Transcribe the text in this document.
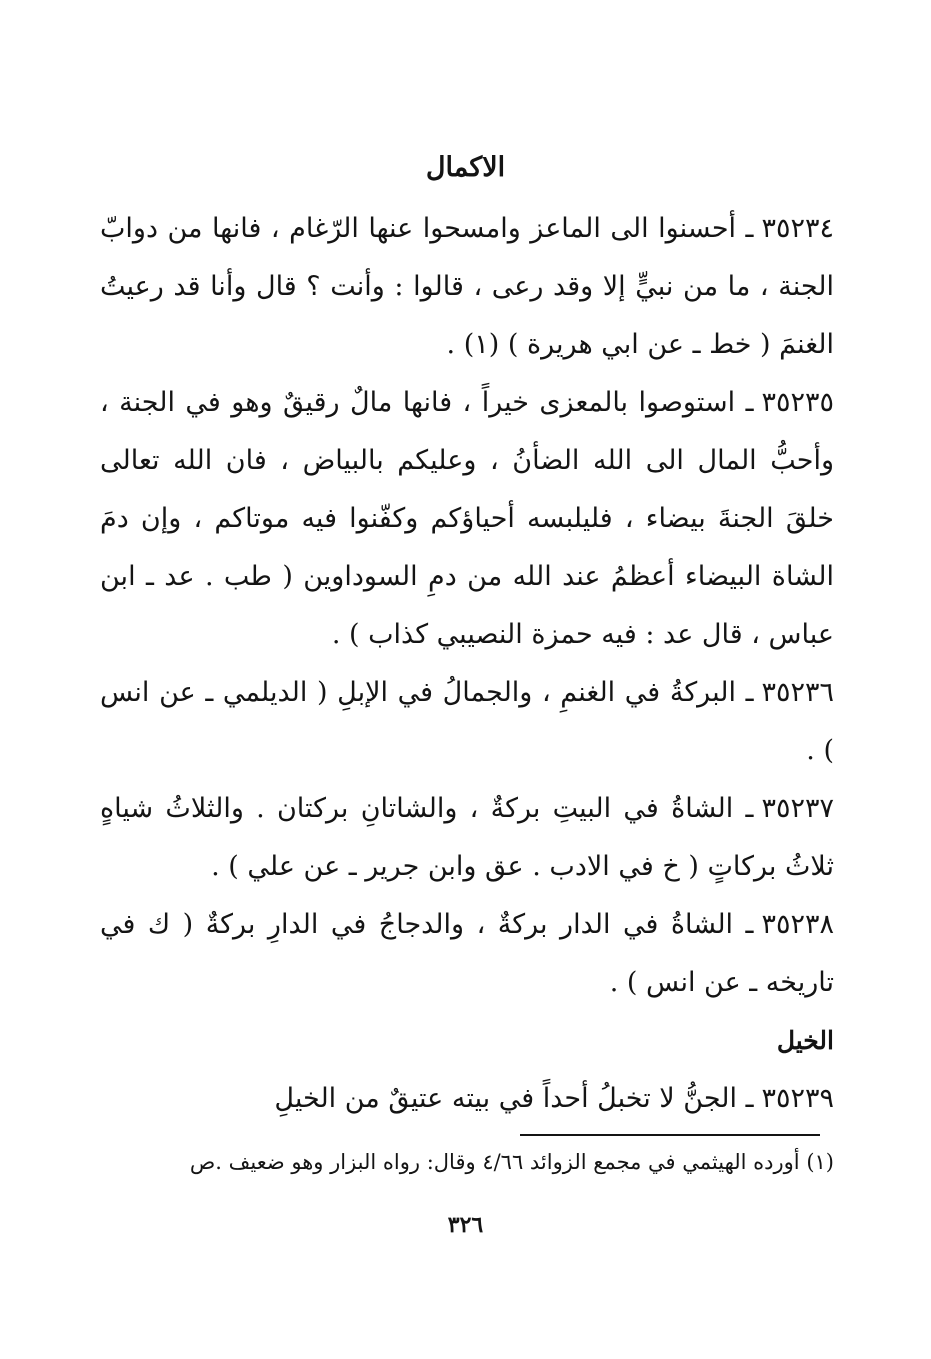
الاكمال

٣٥٢٣٤ـ أحسنوا الى الماعز وامسحوا عنها الرّغام ، فانها من دوابّ الجنة ، ما من نبيٍّ إلا وقد رعى ، قالوا : وأنت ؟ قال وأنا قد رعيتُ الغنمَ ( خط ـ عن ابي هريرة ) (١) .

٣٥٢٣٥ـ استوصوا بالمعزى خيراً ، فانها مالٌ رقيقٌ وهو في الجنة ، وأحبُّ المال الى الله الضأنُ ، وعليكم بالبياض ، فان الله تعالى خلقَ الجنةَ بيضاء ، فليلبسه أحياؤكم وكفّنوا فيه موتاكم ، وإن دمَ الشاة البيضاء أعظمُ عند الله من دمِ السوداوين ( طب . عد ـ ابن عباس ، قال عد : فيه حمزة النصيبي كذاب ) .

٣٥٢٣٦ـ البركةُ في الغنمِ ، والجمالُ في الإبلِ ( الديلمي ـ عن انس ) .

٣٥٢٣٧ـ الشاةُ في البيتِ بركةٌ ، والشاتانِ بركتان . والثلاثُ شياهٍ ثلاثُ بركاتٍ ( خ في الادب . عق وابن جرير ـ عن علي ) .

٣٥٢٣٨ـ الشاةُ في الدار بركةٌ ، والدجاجُ في الدارِ بركةٌ ( ك في تاريخه ـ عن انس ) .

الخيل

٣٥٢٣٩ـ الجنُّ لا تخبلُ أحداً في بيته عتيقٌ من الخيلِ

(١) أورده الهيثمي في مجمع الزوائد ٤/٦٦ وقال: رواه البزار وهو ضعيف .ص
٣٢٦
